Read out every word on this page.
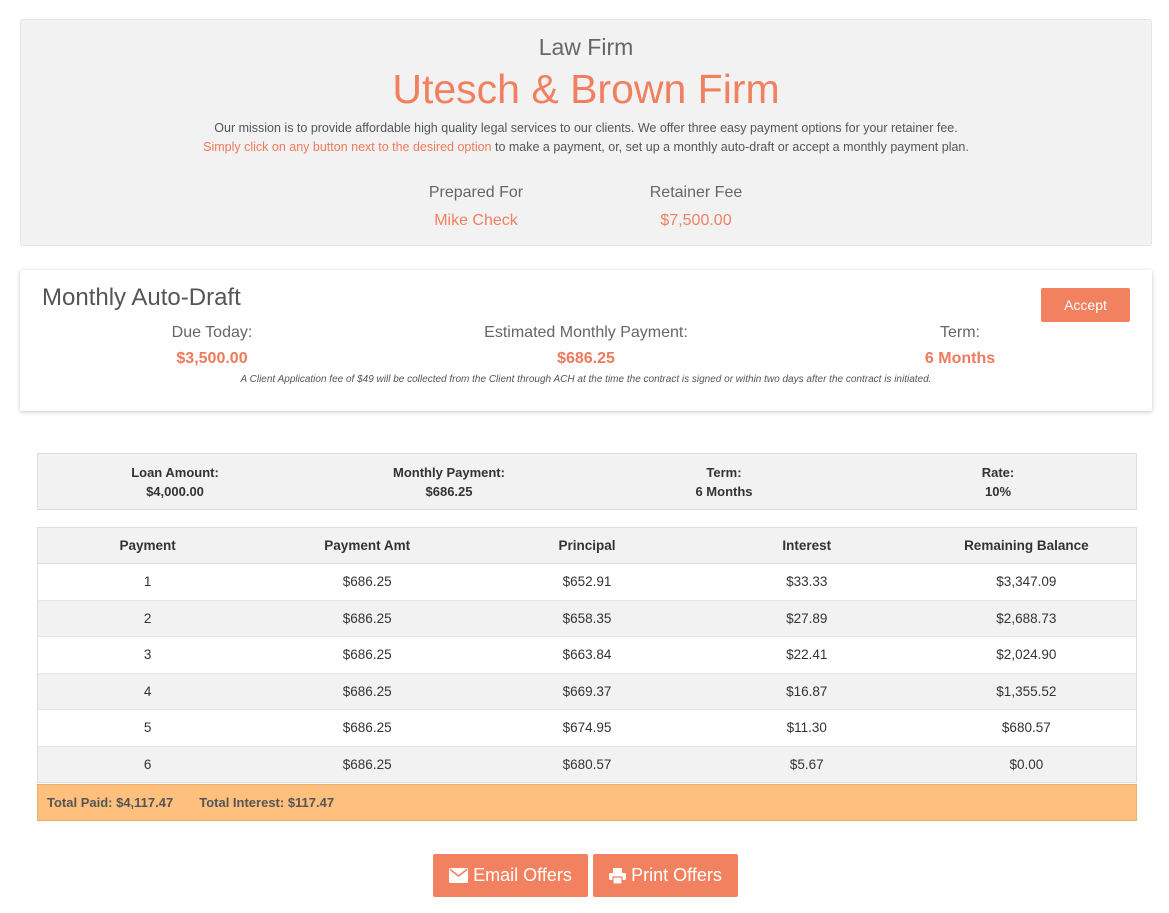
Law Firm
Utesch & Brown Firm
Our mission is to provide affordable high quality legal services to our clients. We offer three easy payment options for your retainer fee.
Simply click on any button next to the desired option to make a payment, or, set up a monthly auto-draft or accept a monthly payment plan.
Prepared For
Mike Check
Retainer Fee
$7,500.00
Monthly Auto-Draft	Accept
Due Today:
$3,500.00
Estimated Monthly Payment:
$686.25
Term:
6 Months
A Client Application fee of $49 will be collected from the Client through ACH at the time the contract is signed or within two days after the contract is initiated.
Loan Amount:
$4,000.00
Monthly Payment:
$686.25
Term:
6 Months
Rate:
10%
Payment	Payment Amt	Principal	Interest	Remaining Balance
1	$686.25	$652.91	$33.33	$3,347.09
2	$686.25	$658.35	$27.89	$2,688.73
3	$686.25	$663.84	$22.41	$2,024.90
4	$686.25	$669.37	$16.87	$1,355.52
5	$686.25	$674.95	$11.30	$680.57
6	$686.25	$680.57	$5.67	$0.00
Total Paid: $4,117.47 Total Interest: $117.47
Email Offers	Print Offers
